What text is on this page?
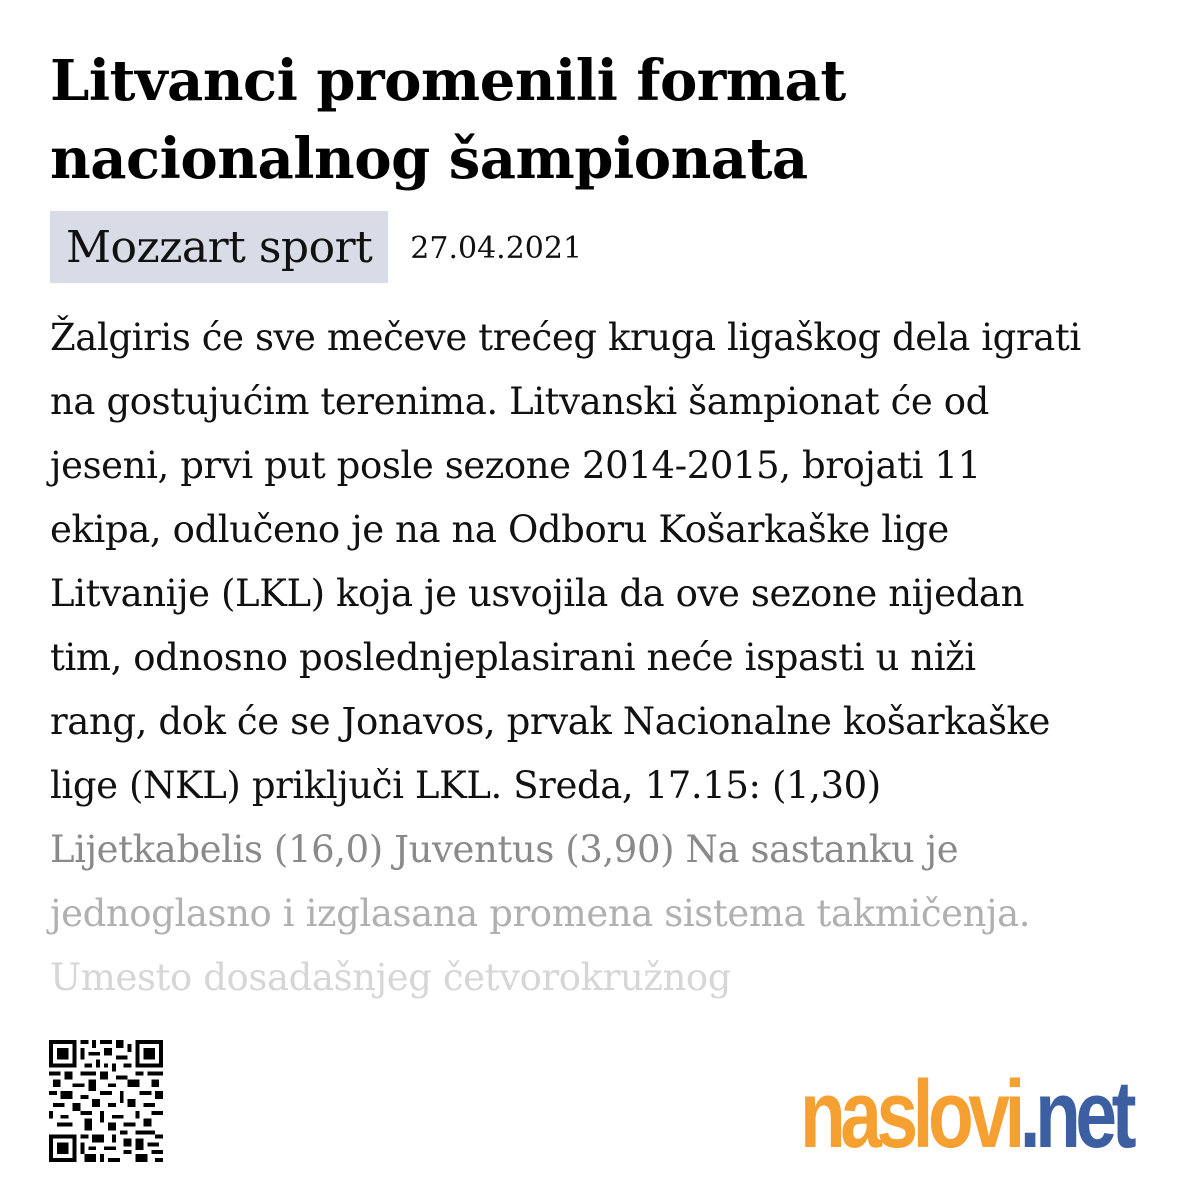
Litvanci promenili format
nacionalnog šampionata
Mozzart sport	27.04.2021
Žalgiris će sve mečeve trećeg kruga ligaškog dela igrati
na gostujućim terenima. Litvanski šampionat će od
jeseni, prvi put posle sezone 2014-2015, brojati 11
ekipa, odlučeno je na na Odboru Košarkaške lige
Litvanije (LKL) koja je usvojila da ove sezone nijedan
tim, odnosno poslednjeplasirani neće ispasti u niži
rang, dok će se Jonavos, prvak Nacionalne košarkaške
lige (NKL) priključi LKL. Sreda, 17.15: (1,30)
Lijetkabelis (16,0) Juventus (3,90) Na sastanku je
jednoglasno i izglasana promena sistema takmičenja.
Umesto dosadašnjeg četvorokružnog
naslovi .net
